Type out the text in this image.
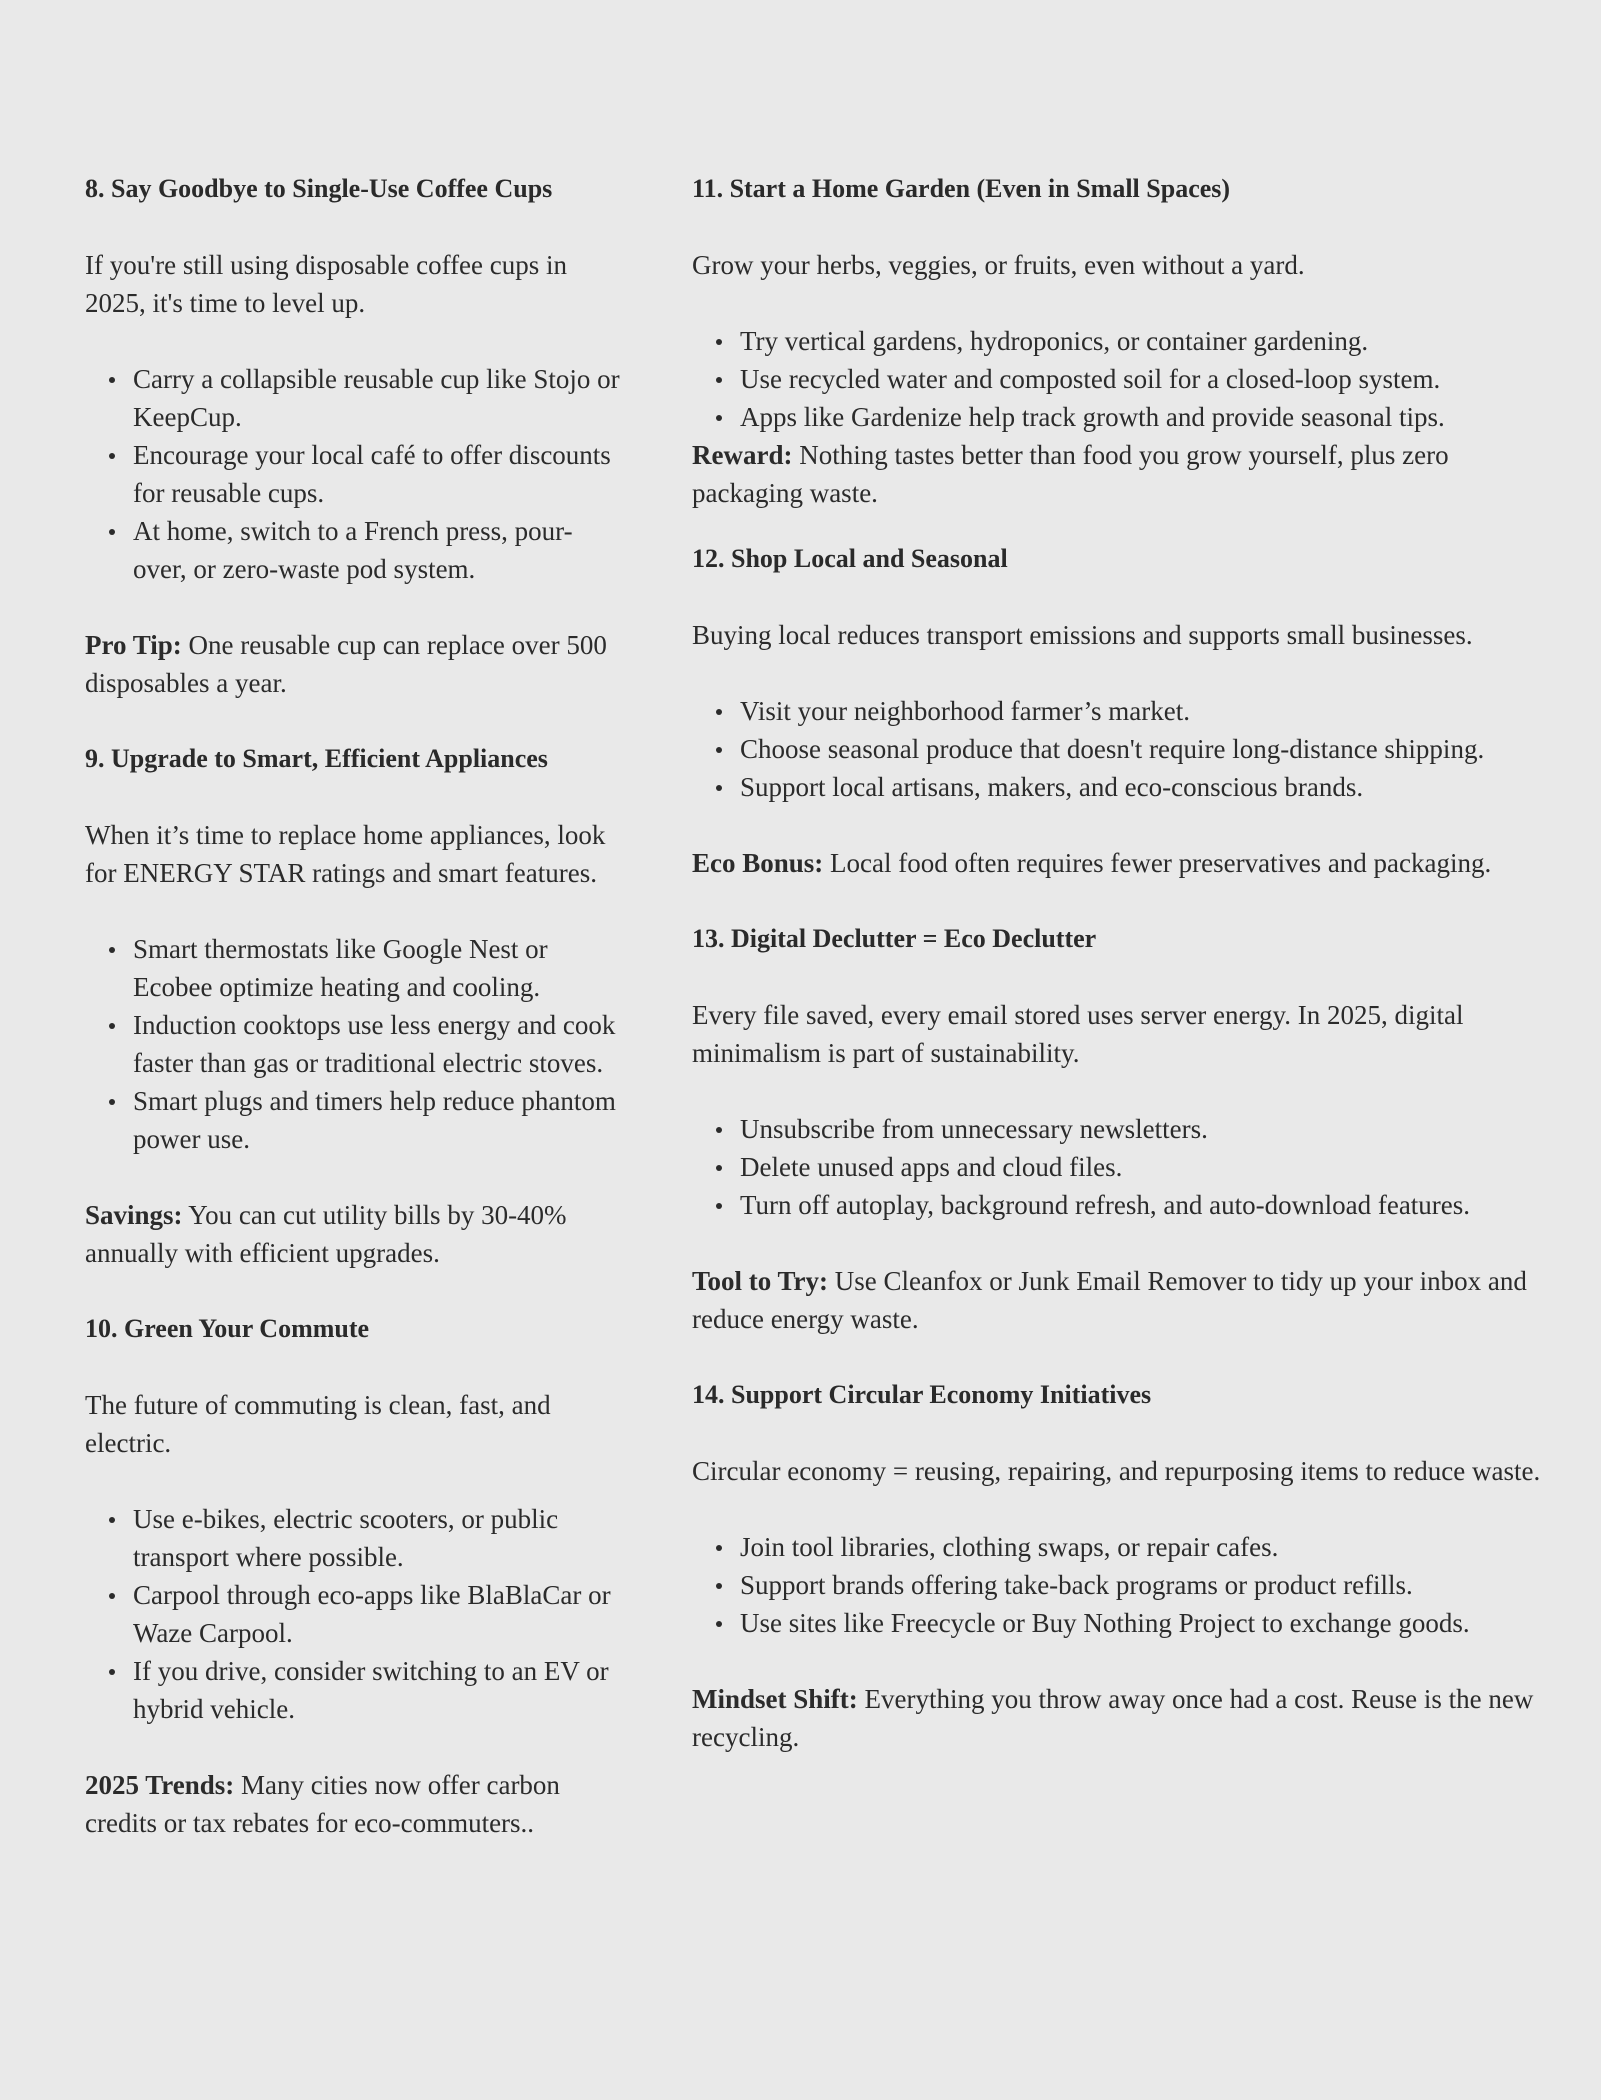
8. Say Goodbye to Single-Use Coffee Cups

If you're still using disposable coffee cups in 2025, it's time to level up.

Carry a collapsible reusable cup like Stojo or KeepCup.
Encourage your local café to offer discounts for reusable cups.
At home, switch to a French press, pour-over, or zero-waste pod system.

Pro Tip: One reusable cup can replace over 500 disposables a year.

9. Upgrade to Smart, Efficient Appliances

When it’s time to replace home appliances, look for ENERGY STAR ratings and smart features.

Smart thermostats like Google Nest or Ecobee optimize heating and cooling.
Induction cooktops use less energy and cook faster than gas or traditional electric stoves.
Smart plugs and timers help reduce phantom power use.

Savings: You can cut utility bills by 30-40% annually with efficient upgrades.

10. Green Your Commute

The future of commuting is clean, fast, and electric.

Use e-bikes, electric scooters, or public transport where possible.
Carpool through eco-apps like BlaBlaCar or Waze Carpool.
If you drive, consider switching to an EV or hybrid vehicle.

2025 Trends: Many cities now offer carbon credits or tax rebates for eco-commuters..

11. Start a Home Garden (Even in Small Spaces)

Grow your herbs, veggies, or fruits, even without a yard.

Try vertical gardens, hydroponics, or container gardening.
Use recycled water and composted soil for a closed-loop system.
Apps like Gardenize help track growth and provide seasonal tips.

Reward: Nothing tastes better than food you grow yourself, plus zero packaging waste.

12. Shop Local and Seasonal

Buying local reduces transport emissions and supports small businesses.

Visit your neighborhood farmer’s market.
Choose seasonal produce that doesn't require long-distance shipping.
Support local artisans, makers, and eco-conscious brands.

Eco Bonus: Local food often requires fewer preservatives and packaging.

13. Digital Declutter = Eco Declutter

Every file saved, every email stored uses server energy. In 2025, digital minimalism is part of sustainability.

Unsubscribe from unnecessary newsletters.
Delete unused apps and cloud files.
Turn off autoplay, background refresh, and auto-download features.

Tool to Try: Use Cleanfox or Junk Email Remover to tidy up your inbox and reduce energy waste.

14. Support Circular Economy Initiatives

Circular economy = reusing, repairing, and repurposing items to reduce waste.

Join tool libraries, clothing swaps, or repair cafes.
Support brands offering take-back programs or product refills.
Use sites like Freecycle or Buy Nothing Project to exchange goods.

Mindset Shift: Everything you throw away once had a cost. Reuse is the new recycling.
